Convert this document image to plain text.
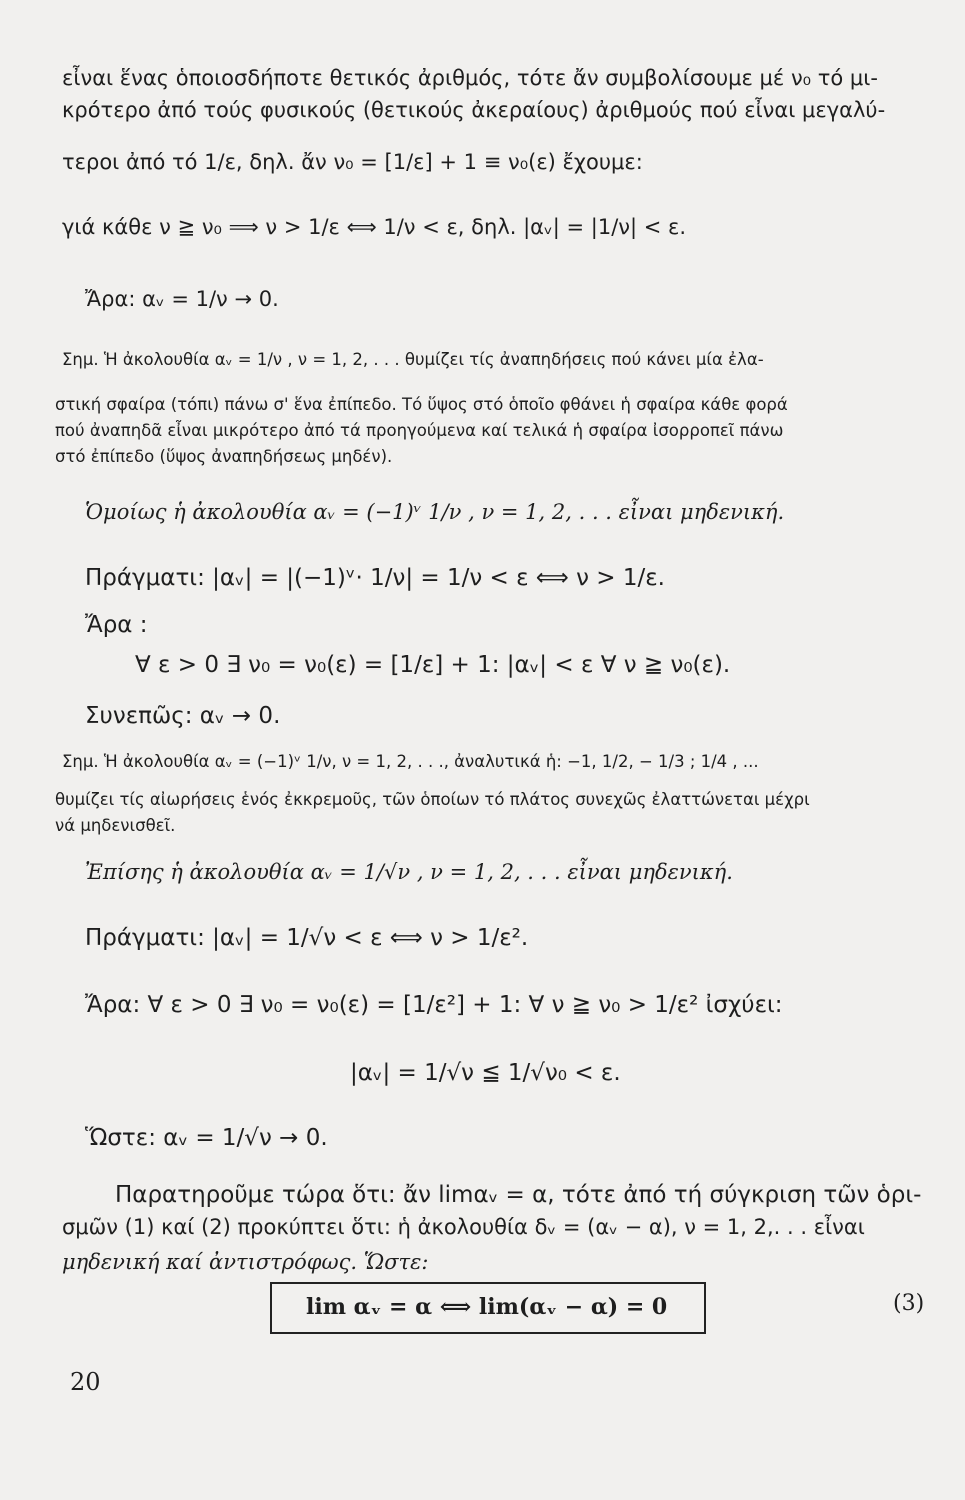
εἶναι ἕνας ὁποιοσδήποτε θετικός ἀριθμός, τότε ἄν συμβολίσουμε μέ ν₀ τό μι-
κρότερο ἀπό τούς φυσικούς (θετικούς ἀκεραίους) ἀριθμούς πού εἶναι μεγαλύ-
τεροι ἀπό τό 1/ε, δηλ. ἄν ν₀ = [1/ε] + 1 ≡ ν₀(ε) ἔχουμε:
γιά κάθε ν ≧ ν₀ ⟹ ν > 1/ε ⟺ 1/ν < ε, δηλ. |αᵥ| = |1/ν| < ε.
Ἄρα: αᵥ = 1/ν → 0.
Σημ. Ἡ ἀκολουθία αᵥ = 1/ν , ν = 1, 2, . . . θυμίζει τίς ἀναπηδήσεις πού κάνει μία ἐλα-
στική σφαίρα (τόπι) πάνω σ' ἕνα ἐπίπεδο. Τό ὕψος στό ὁποῖο φθάνει ἡ σφαίρα κάθε φορά
πού ἀναπηδᾶ εἶναι μικρότερο ἀπό τά προηγούμενα καί τελικά ἡ σφαίρα ἰσορροπεῖ πάνω
στό ἐπίπεδο (ὕψος ἀναπηδήσεως μηδέν).
Ὁμοίως ἡ ἀκολουθία αᵥ = (−1)ᵛ 1/ν , ν = 1, 2, . . . εἶναι μηδενική.
Πράγματι: |αᵥ| = |(−1)ᵛ· 1/ν| = 1/ν < ε ⟺ ν > 1/ε.
Ἄρα :
∀ ε > 0 ∃ ν₀ = ν₀(ε) = [1/ε] + 1: |αᵥ| < ε ∀ ν ≧ ν₀(ε).
Συνεπῶς: αᵥ → 0.
Σημ. Ἡ ἀκολουθία αᵥ = (−1)ᵛ 1/ν, ν = 1, 2, . . ., ἀναλυτικά ἡ: −1, 1/2, − 1/3 ; 1/4 , ...
θυμίζει τίς αἰωρήσεις ἑνός ἐκκρεμοῦς, τῶν ὁποίων τό πλάτος συνεχῶς ἐλαττώνεται μέχρι
νά μηδενισθεῖ.
Ἐπίσης ἡ ἀκολουθία αᵥ = 1/√ν , ν = 1, 2, . . . εἶναι μηδενική.
Πράγματι: |αᵥ| = 1/√ν < ε ⟺ ν > 1/ε².
Ἄρα: ∀ ε > 0 ∃ ν₀ = ν₀(ε) = [1/ε²] + 1: ∀ ν ≧ ν₀ > 1/ε² ἰσχύει:
|αᵥ| = 1/√ν ≦ 1/√ν₀ < ε.
Ὥστε: αᵥ = 1/√ν → 0.
Παρατηροῦμε τώρα ὅτι: ἄν limαᵥ = α, τότε ἀπό τή σύγκριση τῶν ὁρι-
σμῶν (1) καί (2) προκύπτει ὅτι: ἡ ἀκολουθία δᵥ = (αᵥ − α), ν = 1, 2,. . . εἶναι
μηδενική καί ἀντιστρόφως. Ὥστε:
lim αᵥ = α ⟺ lim(αᵥ − α) = 0	(3)
20
